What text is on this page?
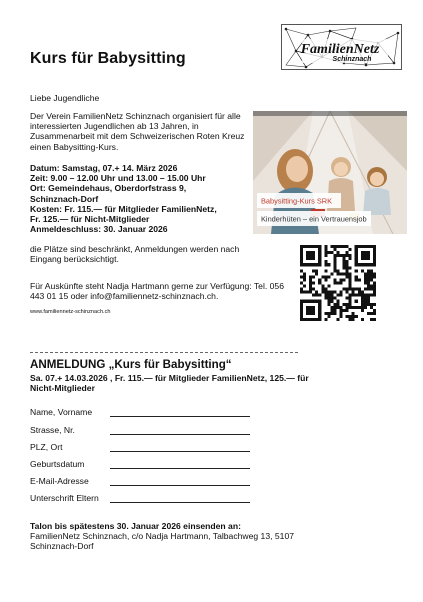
Kurs für Babysitting
FamilienNetz
Schinznach
Liebe Jugendliche
Der Verein FamilienNetz Schinznach organisiert für alle interessierten Jugendlichen ab 13 Jahren, in Zusammenarbeit mit dem Schweizerischen Roten Kreuz einen Babysitting-Kurs.
Datum: Samstag, 07.+ 14. März 2026
Zeit: 9.00 – 12.00 Uhr und 13.00 – 15.00 Uhr
Ort: Gemeindehaus, Oberdorfstrass 9,
Schinznach-Dorf
Kosten: Fr. 115.— für Mitglieder FamilienNetz,
Fr. 125.— für Nicht-Mitglieder
Anmeldeschluss: 30. Januar 2026
die Plätze sind beschränkt, Anmeldungen werden nach Eingang berücksichtigt.
Für Auskünfte steht Nadja Hartmann gerne zur Verfügung: Tel. 056 443 01 15 oder info@familiennetz-schinznach.ch.
www.familiennetz-schinznach.ch
Babysitting-Kurs SRK
Kinderhüten – ein Vertrauensjob
ANMELDUNG „Kurs für Babysitting“
Sa. 07.+ 14.03.2026 , Fr. 115.— für Mitglieder FamilienNetz, 125.— für Nicht-Mitglieder
Name, Vorname
Strasse, Nr.
PLZ, Ort
Geburtsdatum
E-Mail-Adresse
Unterschrift Eltern
Talon bis spätestens 30. Januar 2026 einsenden an:
FamilienNetz Schinznach, c/o Nadja Hartmann, Talbachweg 13, 5107 Schinznach-Dorf
